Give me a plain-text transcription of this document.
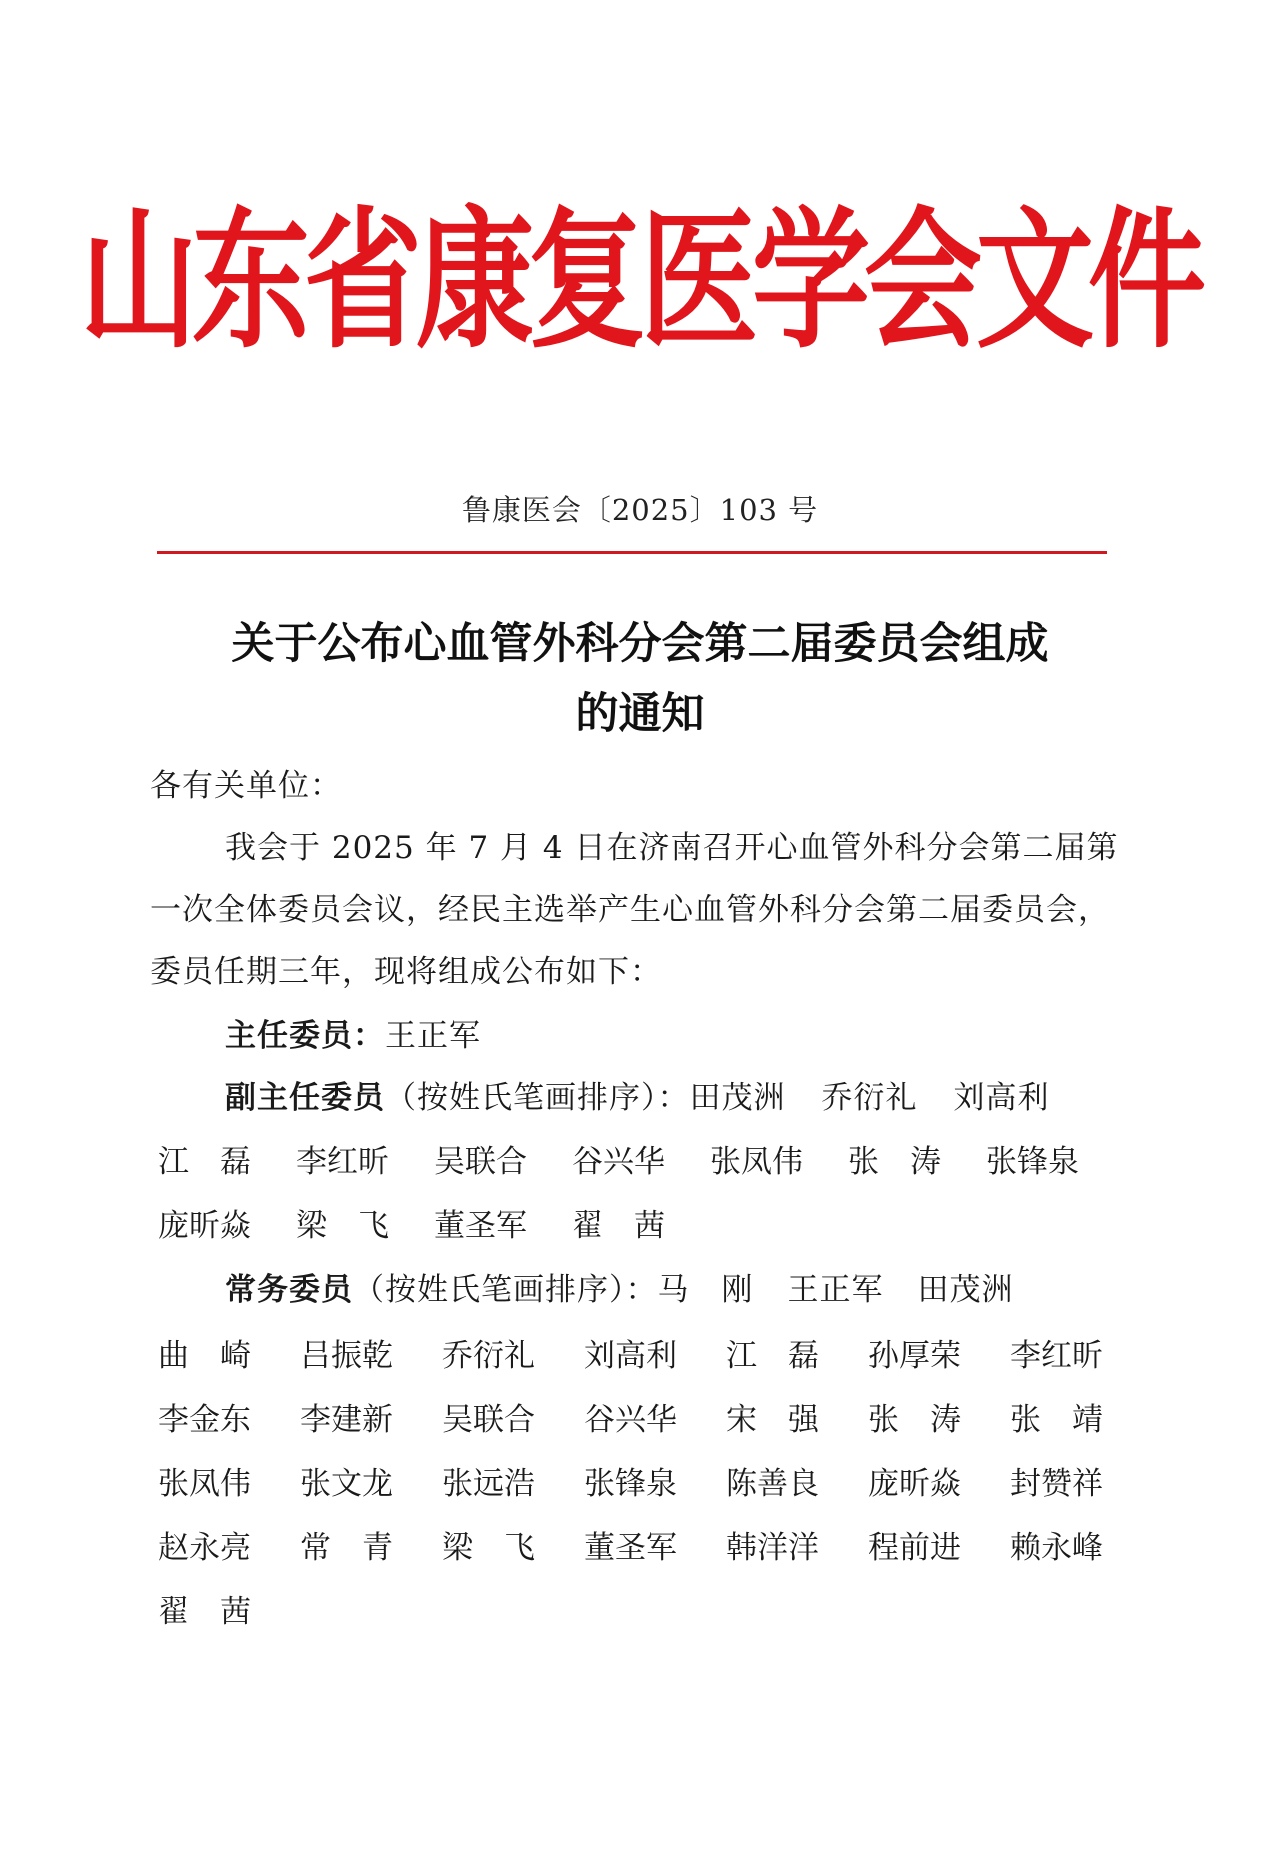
山东省康复医学会文件
鲁康医会〔2025〕103 号
关于公布心血管外科分会第二届委员会组成
的通知
各有关单位：
我会于 2025 年 7 月 4 日在济南召开心血管外科分会第二届第
一次全体委员会议，经民主选举产生心血管外科分会第二届委员会，
委员任期三年，现将组成公布如下：
主任委员：王正军
副主任委员（按姓氏笔画排序）：田茂洲 乔衍礼 刘高利
江　磊	李红昕	吴联合	谷兴华	张凤伟	张　涛	张锋泉
庞昕焱	梁　飞	董圣军	翟　茜
常务委员（按姓氏笔画排序）：马　刚 王正军 田茂洲
曲　崎	吕振乾	乔衍礼	刘高利	江　磊	孙厚荣	李红昕
李金东	李建新	吴联合	谷兴华	宋　强	张　涛	张　靖
张凤伟	张文龙	张远浩	张锋泉	陈善良	庞昕焱	封赞祥
赵永亮	常　青	梁　飞	董圣军	韩洋洋	程前进	赖永峰
翟　茜
